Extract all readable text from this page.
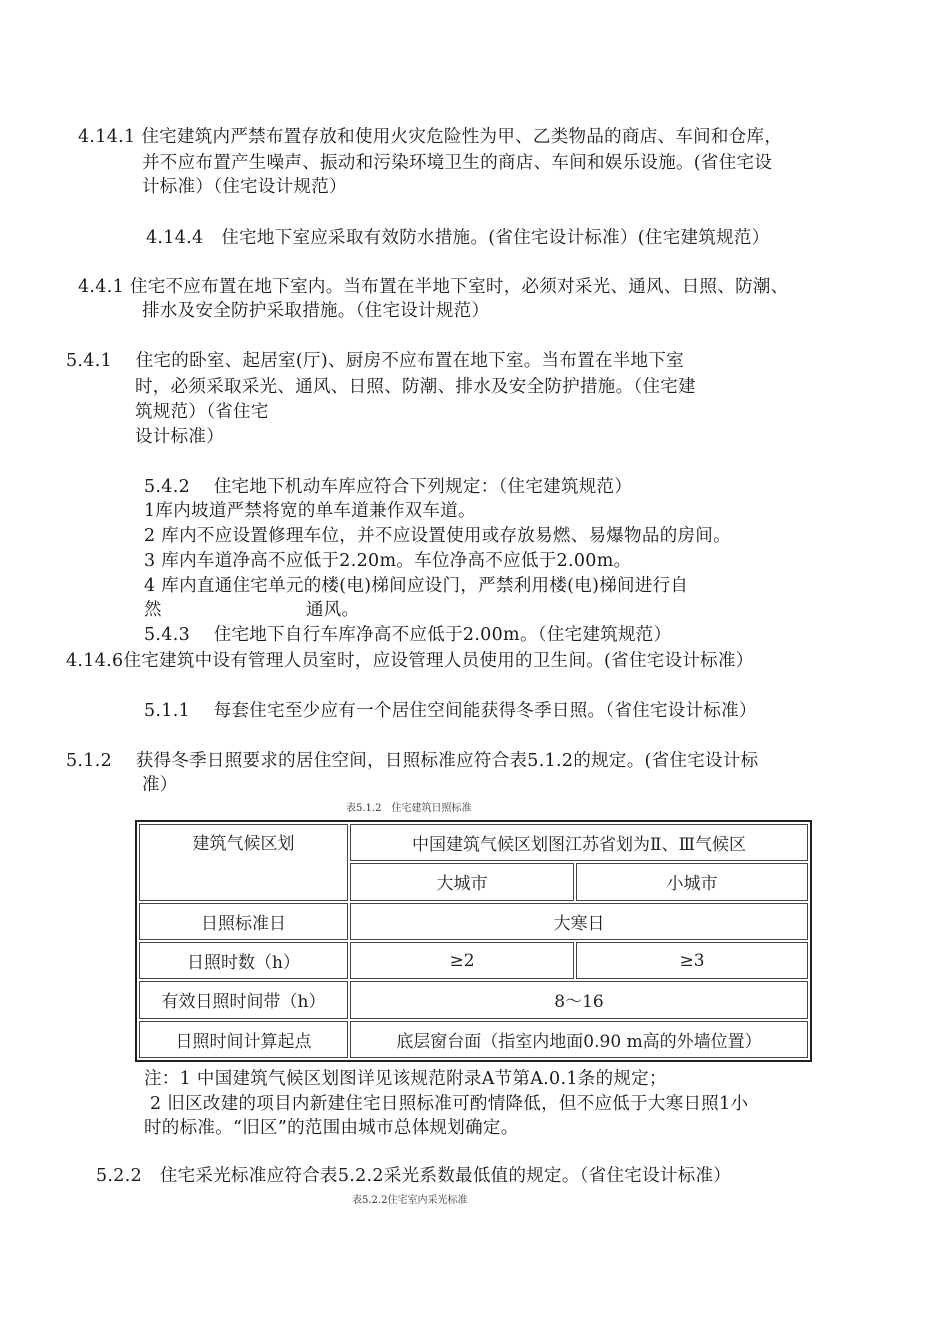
4.14.1 住宅建筑内严禁布置存放和使用火灾危险性为甲、乙类物品的商店、车间和仓库，
并不应布置产生噪声、振动和污染环境卫生的商店、车间和娱乐设施。(省住宅设
计标准）（住宅设计规范）
4.14.4　住宅地下室应采取有效防水措施。(省住宅设计标准）(住宅建筑规范）
4.4.1 住宅不应布置在地下室内。当布置在半地下室时，必须对采光、通风、日照、防潮、
排水及安全防护采取措施。（住宅设计规范）
5.4.1　 住宅的卧室、起居室(厅)、厨房不应布置在地下室。当布置在半地下室
时，必须采取采光、通风、日照、防潮、排水及安全防护措施。（住宅建
筑规范）（省住宅
设计标准）
5.4.2　 住宅地下机动车库应符合下列规定：（住宅建筑规范）
1库内坡道严禁将宽的单车道兼作双车道。
2 库内不应设置修理车位，并不应设置使用或存放易燃、易爆物品的房间。
3 库内车道净高不应低于2.20m。车位净高不应低于2.00m。
4 库内直通住宅单元的楼(电)梯间应设门，严禁利用楼(电)梯间进行自
然	通风。
5.4.3　 住宅地下自行车库净高不应低于2.00m。（住宅建筑规范）
4.14.6住宅建筑中设有管理人员室时，应设管理人员使用的卫生间。(省住宅设计标准）
5.1.1　 每套住宅至少应有一个居住空间能获得冬季日照。（省住宅设计标准）
5.1.2　 获得冬季日照要求的居住空间，日照标准应符合表5.1.2的规定。(省住宅设计标
准）
表5.1.2　住宅建筑日照标准
建筑气候区划	中国建筑气候区划图江苏省划为Ⅱ、Ⅲ气候区	
	大城市	小城市
日照标准日	大寒日	
日照时数（h）	≥2	≥3
有效日照时间带（h）	8～16	
日照时间计算起点	底层窗台面（指室内地面0.90 m高的外墙位置）	
注：1 中国建筑气候区划图详见该规范附录A节第A.0.1条的规定；
2 旧区改建的项目内新建住宅日照标准可酌情降低，但不应低于大寒日照1小
时的标准。“旧区”的范围由城市总体规划确定。
5.2.2　住宅采光标准应符合表5.2.2采光系数最低值的规定。（省住宅设计标准）
表5.2.2住宅室内采光标准
